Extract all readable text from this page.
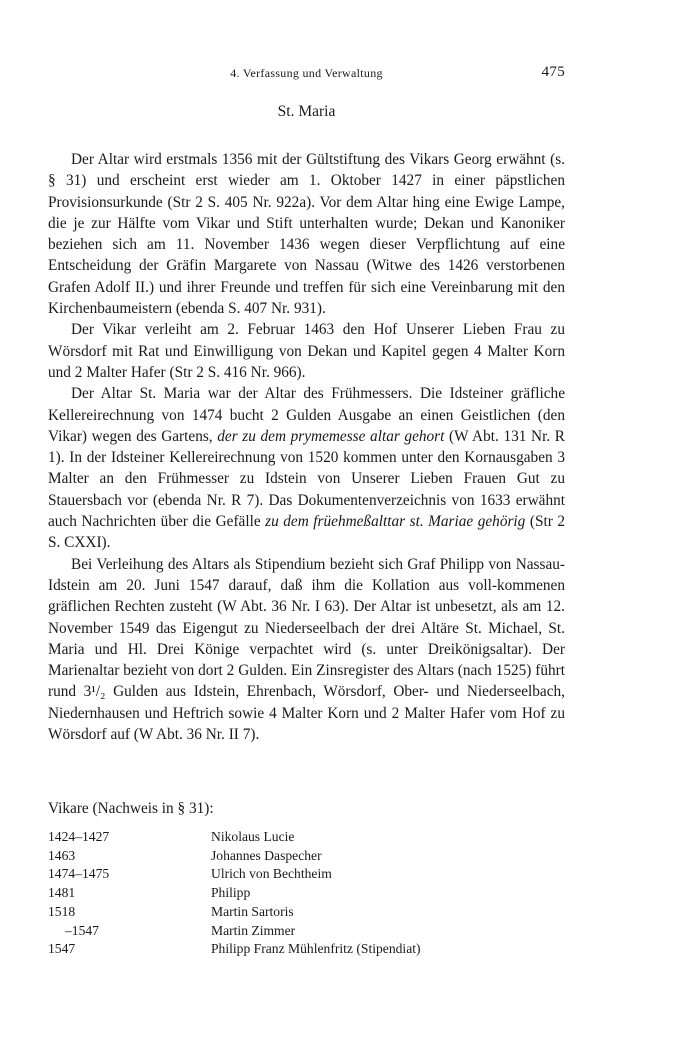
4. Verfassung und Verwaltung	475
St. Maria

Der Altar wird erstmals 1356 mit der Gültstiftung des Vikars Georg erwähnt (s. § 31) und erscheint erst wieder am 1. Oktober 1427 in einer päpstlichen Provisionsurkunde (Str 2 S. 405 Nr. 922a). Vor dem Altar hing eine Ewige Lampe, die je zur Hälfte vom Vikar und Stift unterhalten wurde; Dekan und Kanoniker beziehen sich am 11. November 1436 wegen dieser Verpflichtung auf eine Entscheidung der Gräfin Margarete von Nassau (Witwe des 1426 verstorbenen Grafen Adolf II.) und ihrer Freunde und treffen für sich eine Vereinbarung mit den Kirchenbaumeistern (ebenda S. 407 Nr. 931).

Der Vikar verleiht am 2. Februar 1463 den Hof Unserer Lieben Frau zu Wörsdorf mit Rat und Einwilligung von Dekan und Kapitel gegen 4 Malter Korn und 2 Malter Hafer (Str 2 S. 416 Nr. 966).

Der Altar St. Maria war der Altar des Frühmessers. Die Idsteiner gräfliche Kellereirechnung von 1474 bucht 2 Gulden Ausgabe an einen Geistlichen (den Vikar) wegen des Gartens, der zu dem prymemesse altar gehort (W Abt. 131 Nr. R 1). In der Idsteiner Kellereirechnung von 1520 kommen unter den Kornausgaben 3 Malter an den Frühmesser zu Idstein von Unserer Lieben Frauen Gut zu Stauersbach vor (ebenda Nr. R 7). Das Dokumentenverzeichnis von 1633 erwähnt auch Nachrichten über die Gefälle zu dem früehmeßalttar st. Mariae gehörig (Str 2 S. CXXI).

Bei Verleihung des Altars als Stipendium bezieht sich Graf Philipp von Nassau-Idstein am 20. Juni 1547 darauf, daß ihm die Kollation aus voll-kommenen gräflichen Rechten zusteht (W Abt. 36 Nr. I 63). Der Altar ist unbesetzt, als am 12. November 1549 das Eigengut zu Niederseelbach der drei Altäre St. Michael, St. Maria und Hl. Drei Könige verpachtet wird (s. unter Dreikönigsaltar). Der Marienaltar bezieht von dort 2 Gulden. Ein Zinsregister des Altars (nach 1525) führt rund 3¹/₂ Gulden aus Idstein, Ehrenbach, Wörsdorf, Ober- und Niederseelbach, Niedernhausen und Heftrich sowie 4 Malter Korn und 2 Malter Hafer vom Hof zu Wörsdorf auf (W Abt. 36 Nr. II 7).

Vikare (Nachweis in § 31):
1424–1427	Nikolaus Lucie
1463	Johannes Daspecher
1474–1475	Ulrich von Bechtheim
1481	Philipp
1518	Martin Sartoris
–1547	Martin Zimmer
1547	Philipp Franz Mühlenfritz (Stipendiat)
